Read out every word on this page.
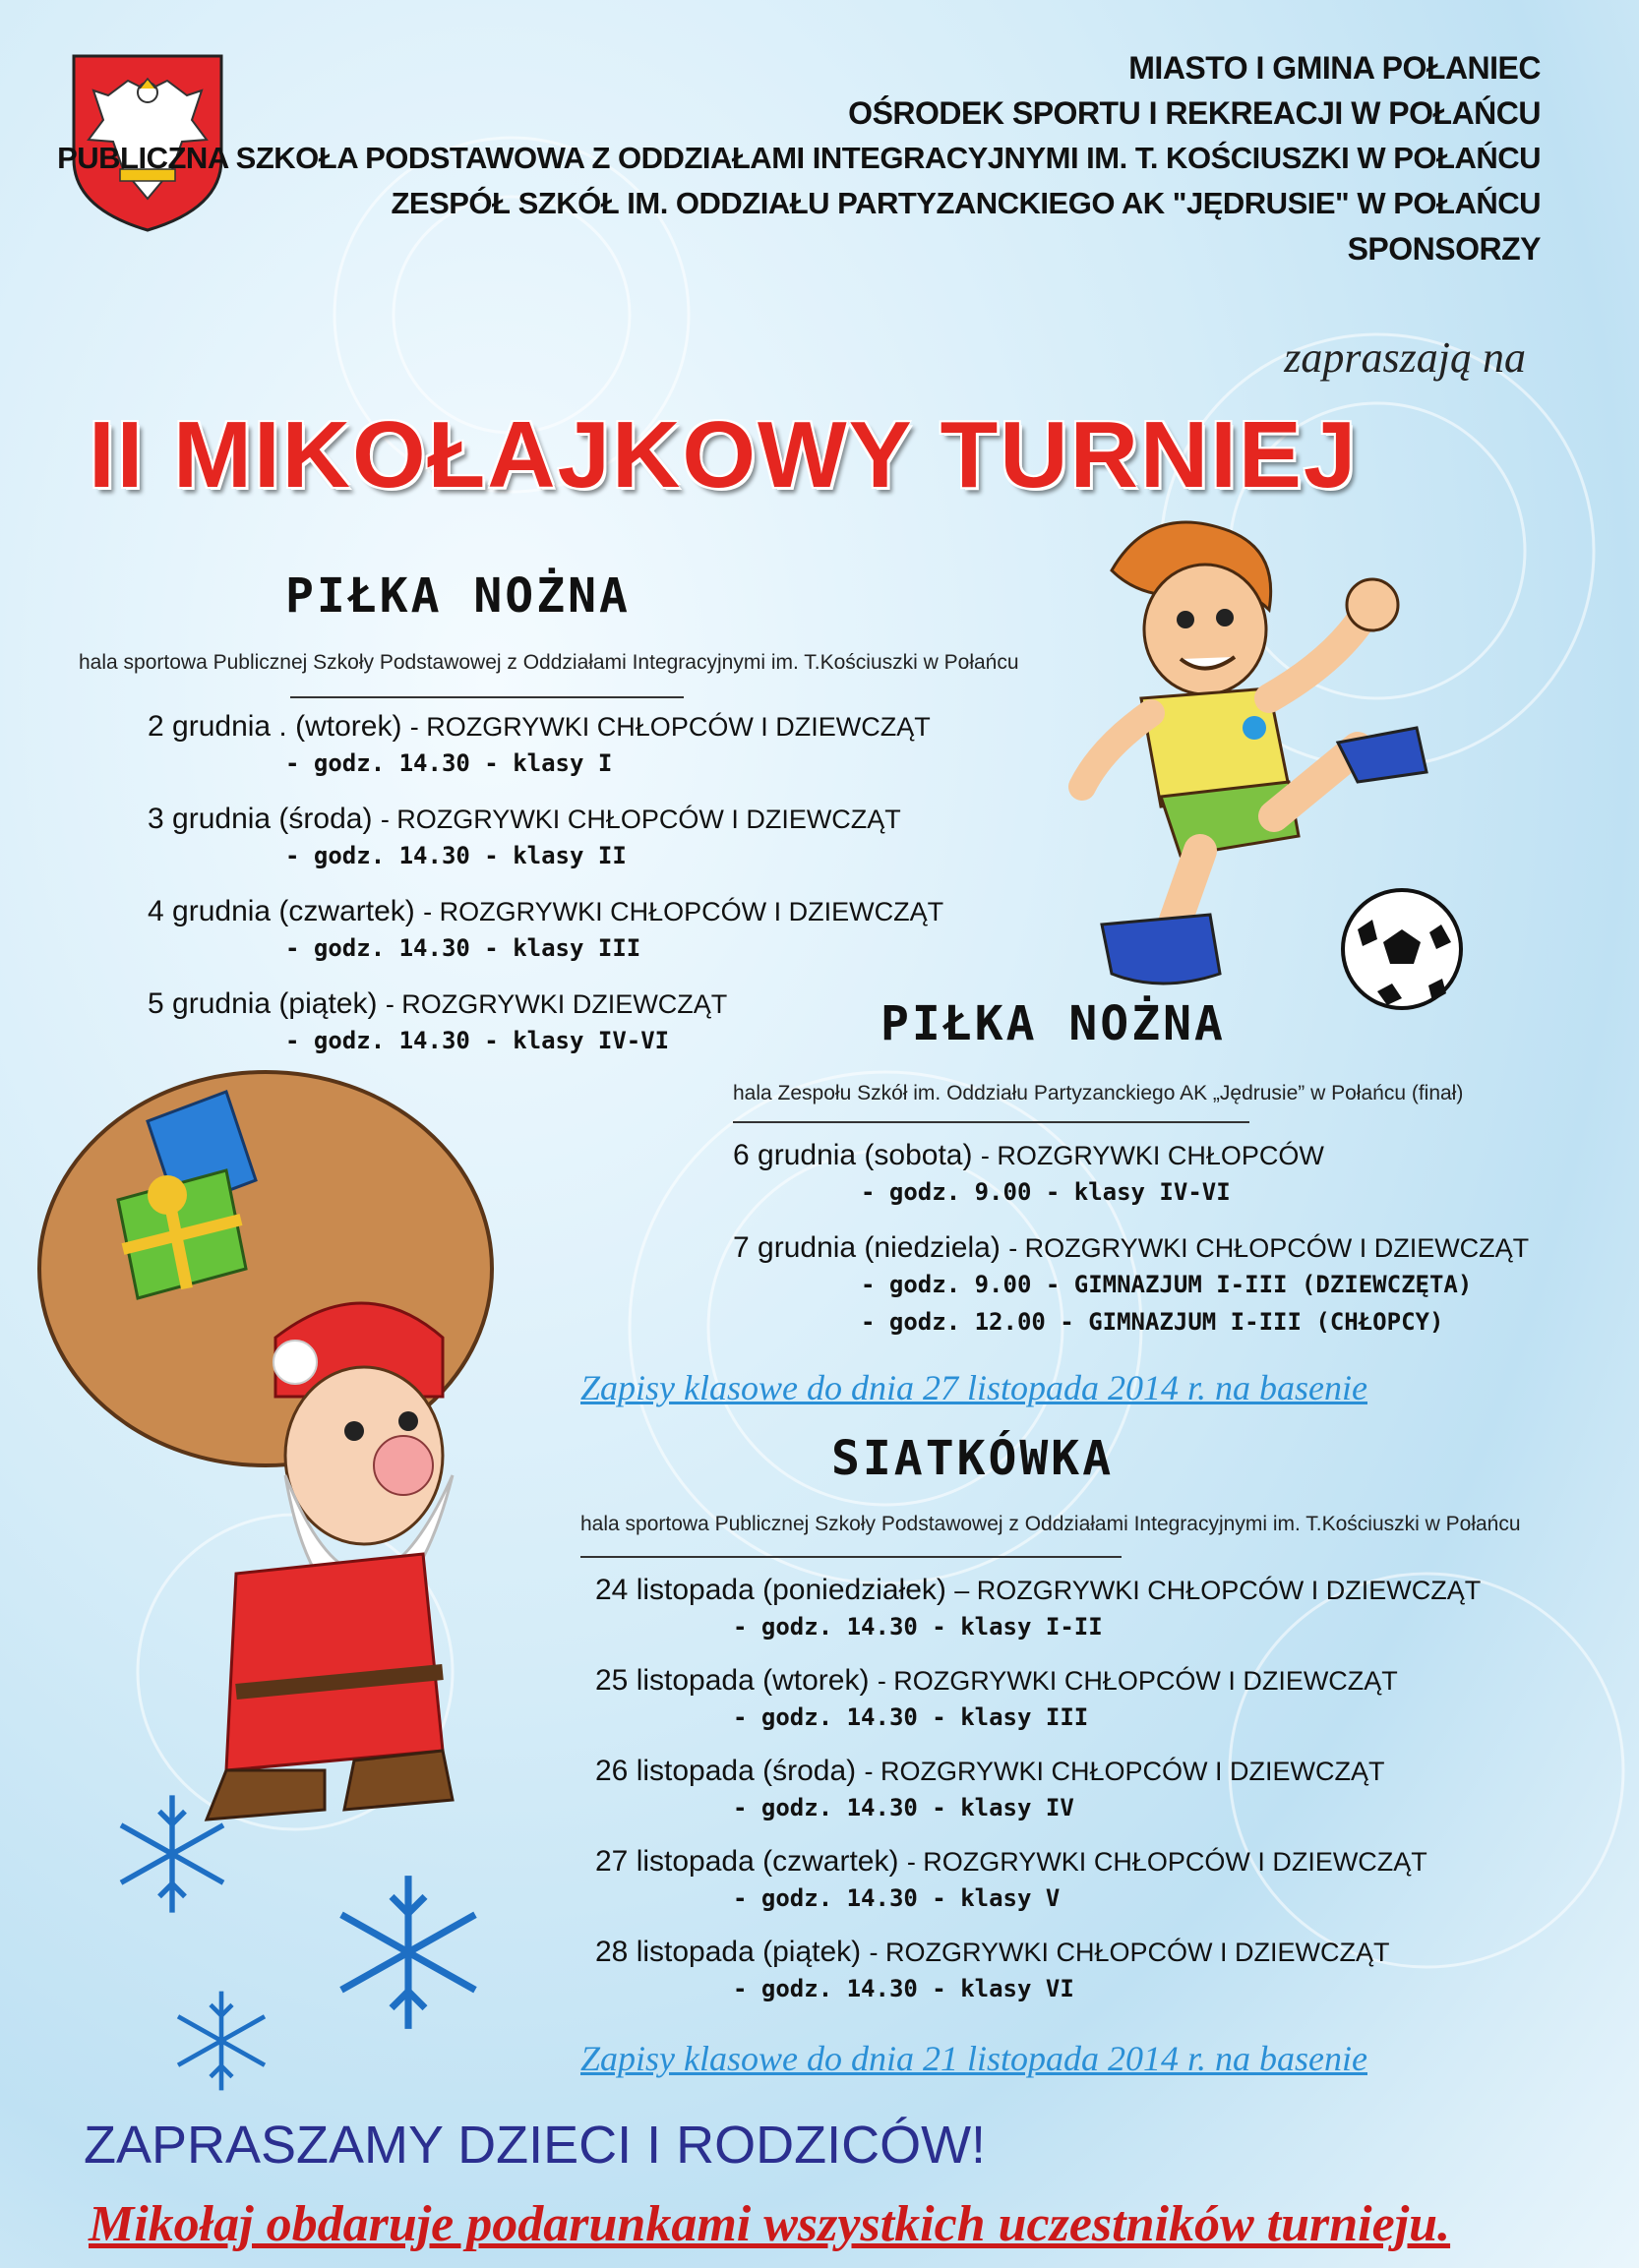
MIASTO I GMINA POŁANIEC
OŚRODEK SPORTU I REKREACJI W POŁAŃCU
PUBLICZNA SZKOŁA PODSTAWOWA Z ODDZIAŁAMI INTEGRACYJNYMI IM. T. KOŚCIUSZKI W POŁAŃCU
ZESPÓŁ SZKÓŁ IM. ODDZIAŁU PARTYZANCKIEGO AK "JĘDRUSIE" W POŁAŃCU
SPONSORZY
zapraszają na
II MIKOŁAJKOWY TURNIEJ
PIŁKA NOŻNA
hala sportowa Publicznej Szkoły Podstawowej z Oddziałami Integracyjnymi im. T.Kościuszki w Połańcu
2 grudnia . (wtorek) - ROZGRYWKI CHŁOPCÓW I DZIEWCZĄT
- godz. 14.30 - klasy I
3 grudnia (środa) - ROZGRYWKI CHŁOPCÓW I DZIEWCZĄT
- godz. 14.30 - klasy II
4 grudnia (czwartek) - ROZGRYWKI CHŁOPCÓW I DZIEWCZĄT
- godz. 14.30 - klasy III
5 grudnia (piątek) - ROZGRYWKI DZIEWCZĄT
- godz. 14.30 - klasy IV-VI	PIŁKA NOŻNA
hala Zespołu Szkół im. Oddziału Partyzanckiego AK „Jędrusie” w Połańcu (finał)
6 grudnia (sobota) - ROZGRYWKI CHŁOPCÓW
- godz. 9.00 - klasy IV-VI
7 grudnia (niedziela) - ROZGRYWKI CHŁOPCÓW I DZIEWCZĄT
- godz. 9.00 - GIMNAZJUM I-III (DZIEWCZĘTA)
- godz. 12.00 - GIMNAZJUM I-III (CHŁOPCY)
Zapisy klasowe do dnia 27 listopada 2014 r. na basenie
SIATKÓWKA
hala sportowa Publicznej Szkoły Podstawowej z Oddziałami Integracyjnymi im. T.Kościuszki w Połańcu
24 listopada (poniedziałek) – ROZGRYWKI CHŁOPCÓW I DZIEWCZĄT
- godz. 14.30 - klasy I-II
25 listopada (wtorek) - ROZGRYWKI CHŁOPCÓW I DZIEWCZĄT
- godz. 14.30 - klasy III
26 listopada (środa) - ROZGRYWKI CHŁOPCÓW I DZIEWCZĄT
- godz. 14.30 - klasy IV
27 listopada (czwartek) - ROZGRYWKI CHŁOPCÓW I DZIEWCZĄT
- godz. 14.30 - klasy V
28 listopada (piątek) - ROZGRYWKI CHŁOPCÓW I DZIEWCZĄT
- godz. 14.30 - klasy VI
Zapisy klasowe do dnia 21 listopada 2014 r. na basenie
ZAPRASZAMY DZIECI I RODZICÓW!
Mikołaj obdaruje podarunkami wszystkich uczestników turnieju.
